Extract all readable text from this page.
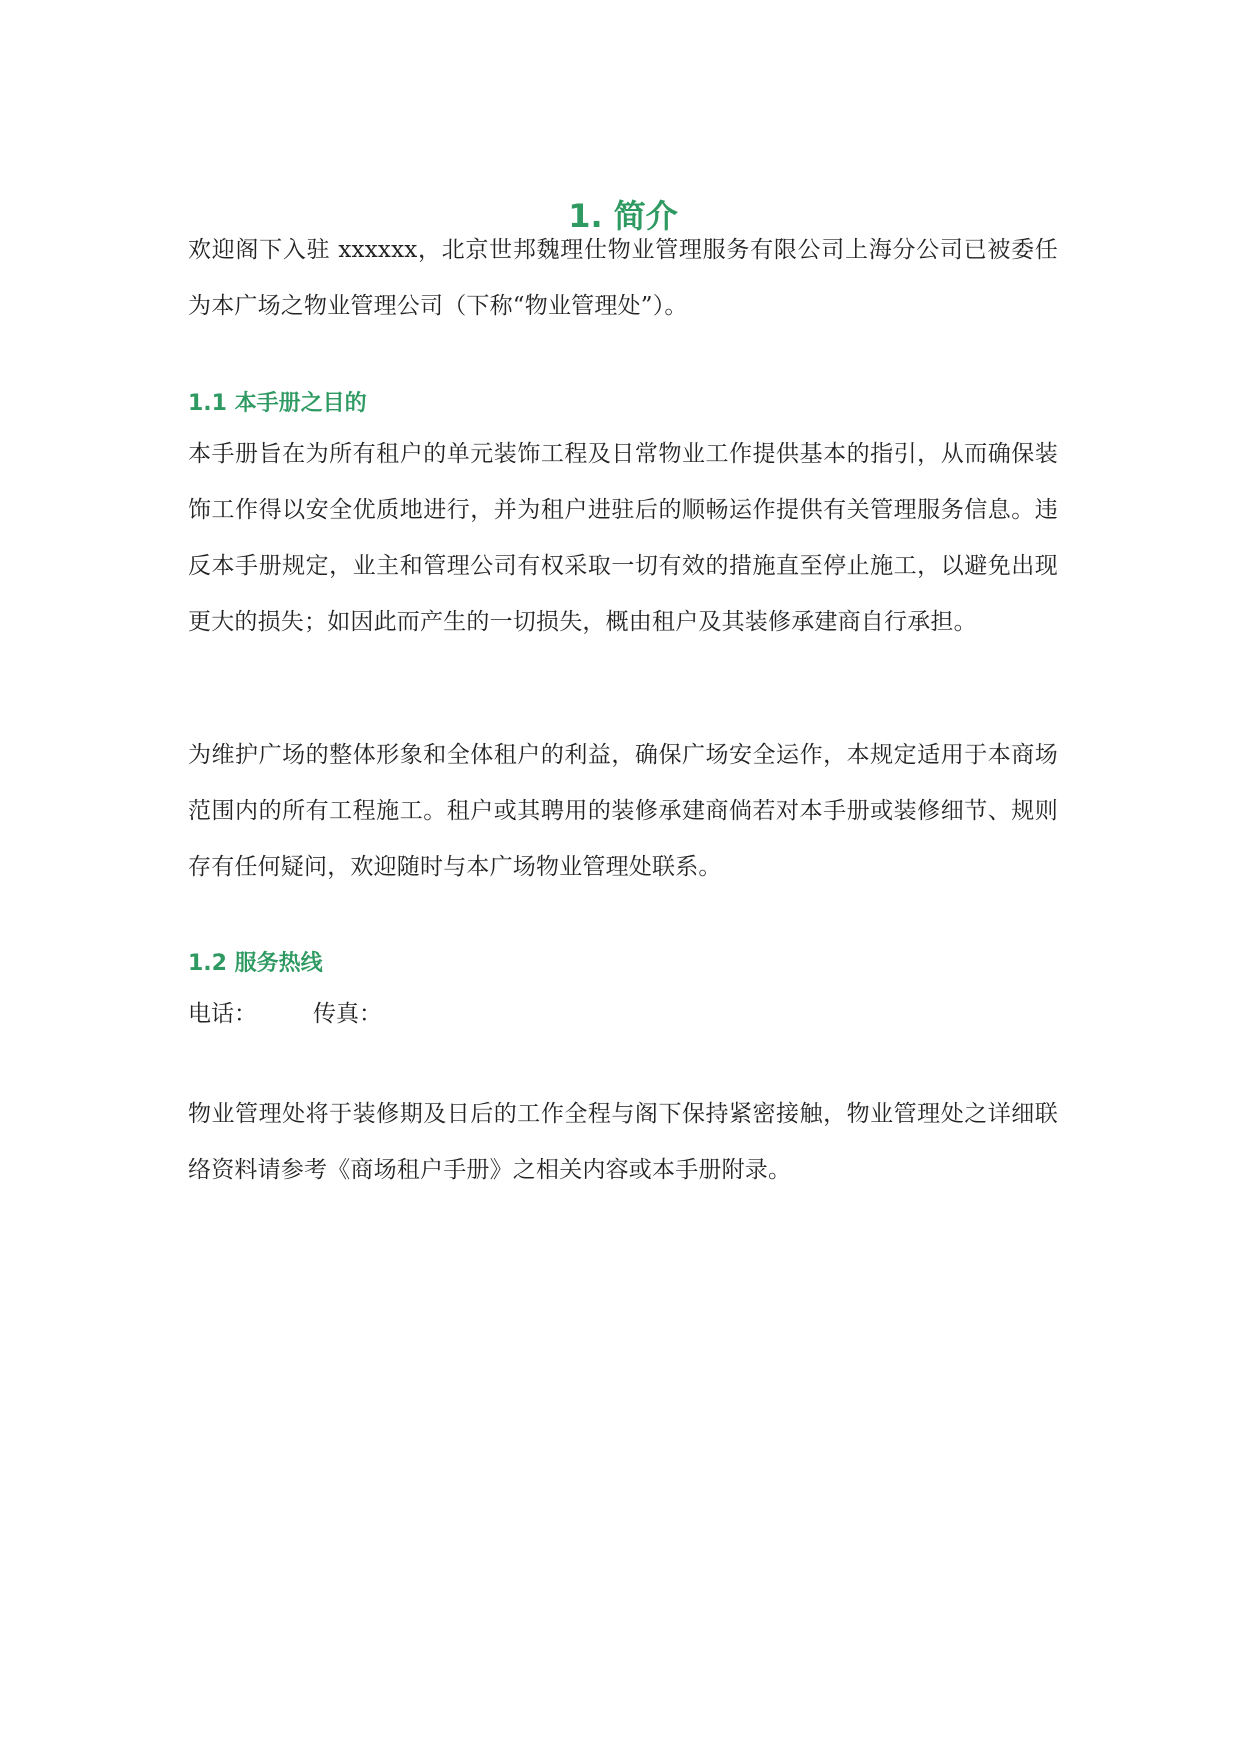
1. 简介

欢迎阁下入驻 xxxxxx，北京世邦魏理仕物业管理服务有限公司上海分公司已被委任为本广场之物业管理公司（下称“物业管理处”）。

1.1 本手册之目的

本手册旨在为所有租户的单元装饰工程及日常物业工作提供基本的指引，从而确保装饰工作得以安全优质地进行，并为租户进驻后的顺畅运作提供有关管理服务信息。违反本手册规定，业主和管理公司有权采取一切有效的措施直至停止施工，以避免出现更大的损失；如因此而产生的一切损失，概由租户及其装修承建商自行承担。

为维护广场的整体形象和全体租户的利益，确保广场安全运作，本规定适用于本商场范围内的所有工程施工。租户或其聘用的装修承建商倘若对本手册或装修细节、规则存有任何疑问，欢迎随时与本广场物业管理处联系。

1.2 服务热线
电话： 传真：

物业管理处将于装修期及日后的工作全程与阁下保持紧密接触，物业管理处之详细联络资料请参考《商场租户手册》之相关内容或本手册附录。
